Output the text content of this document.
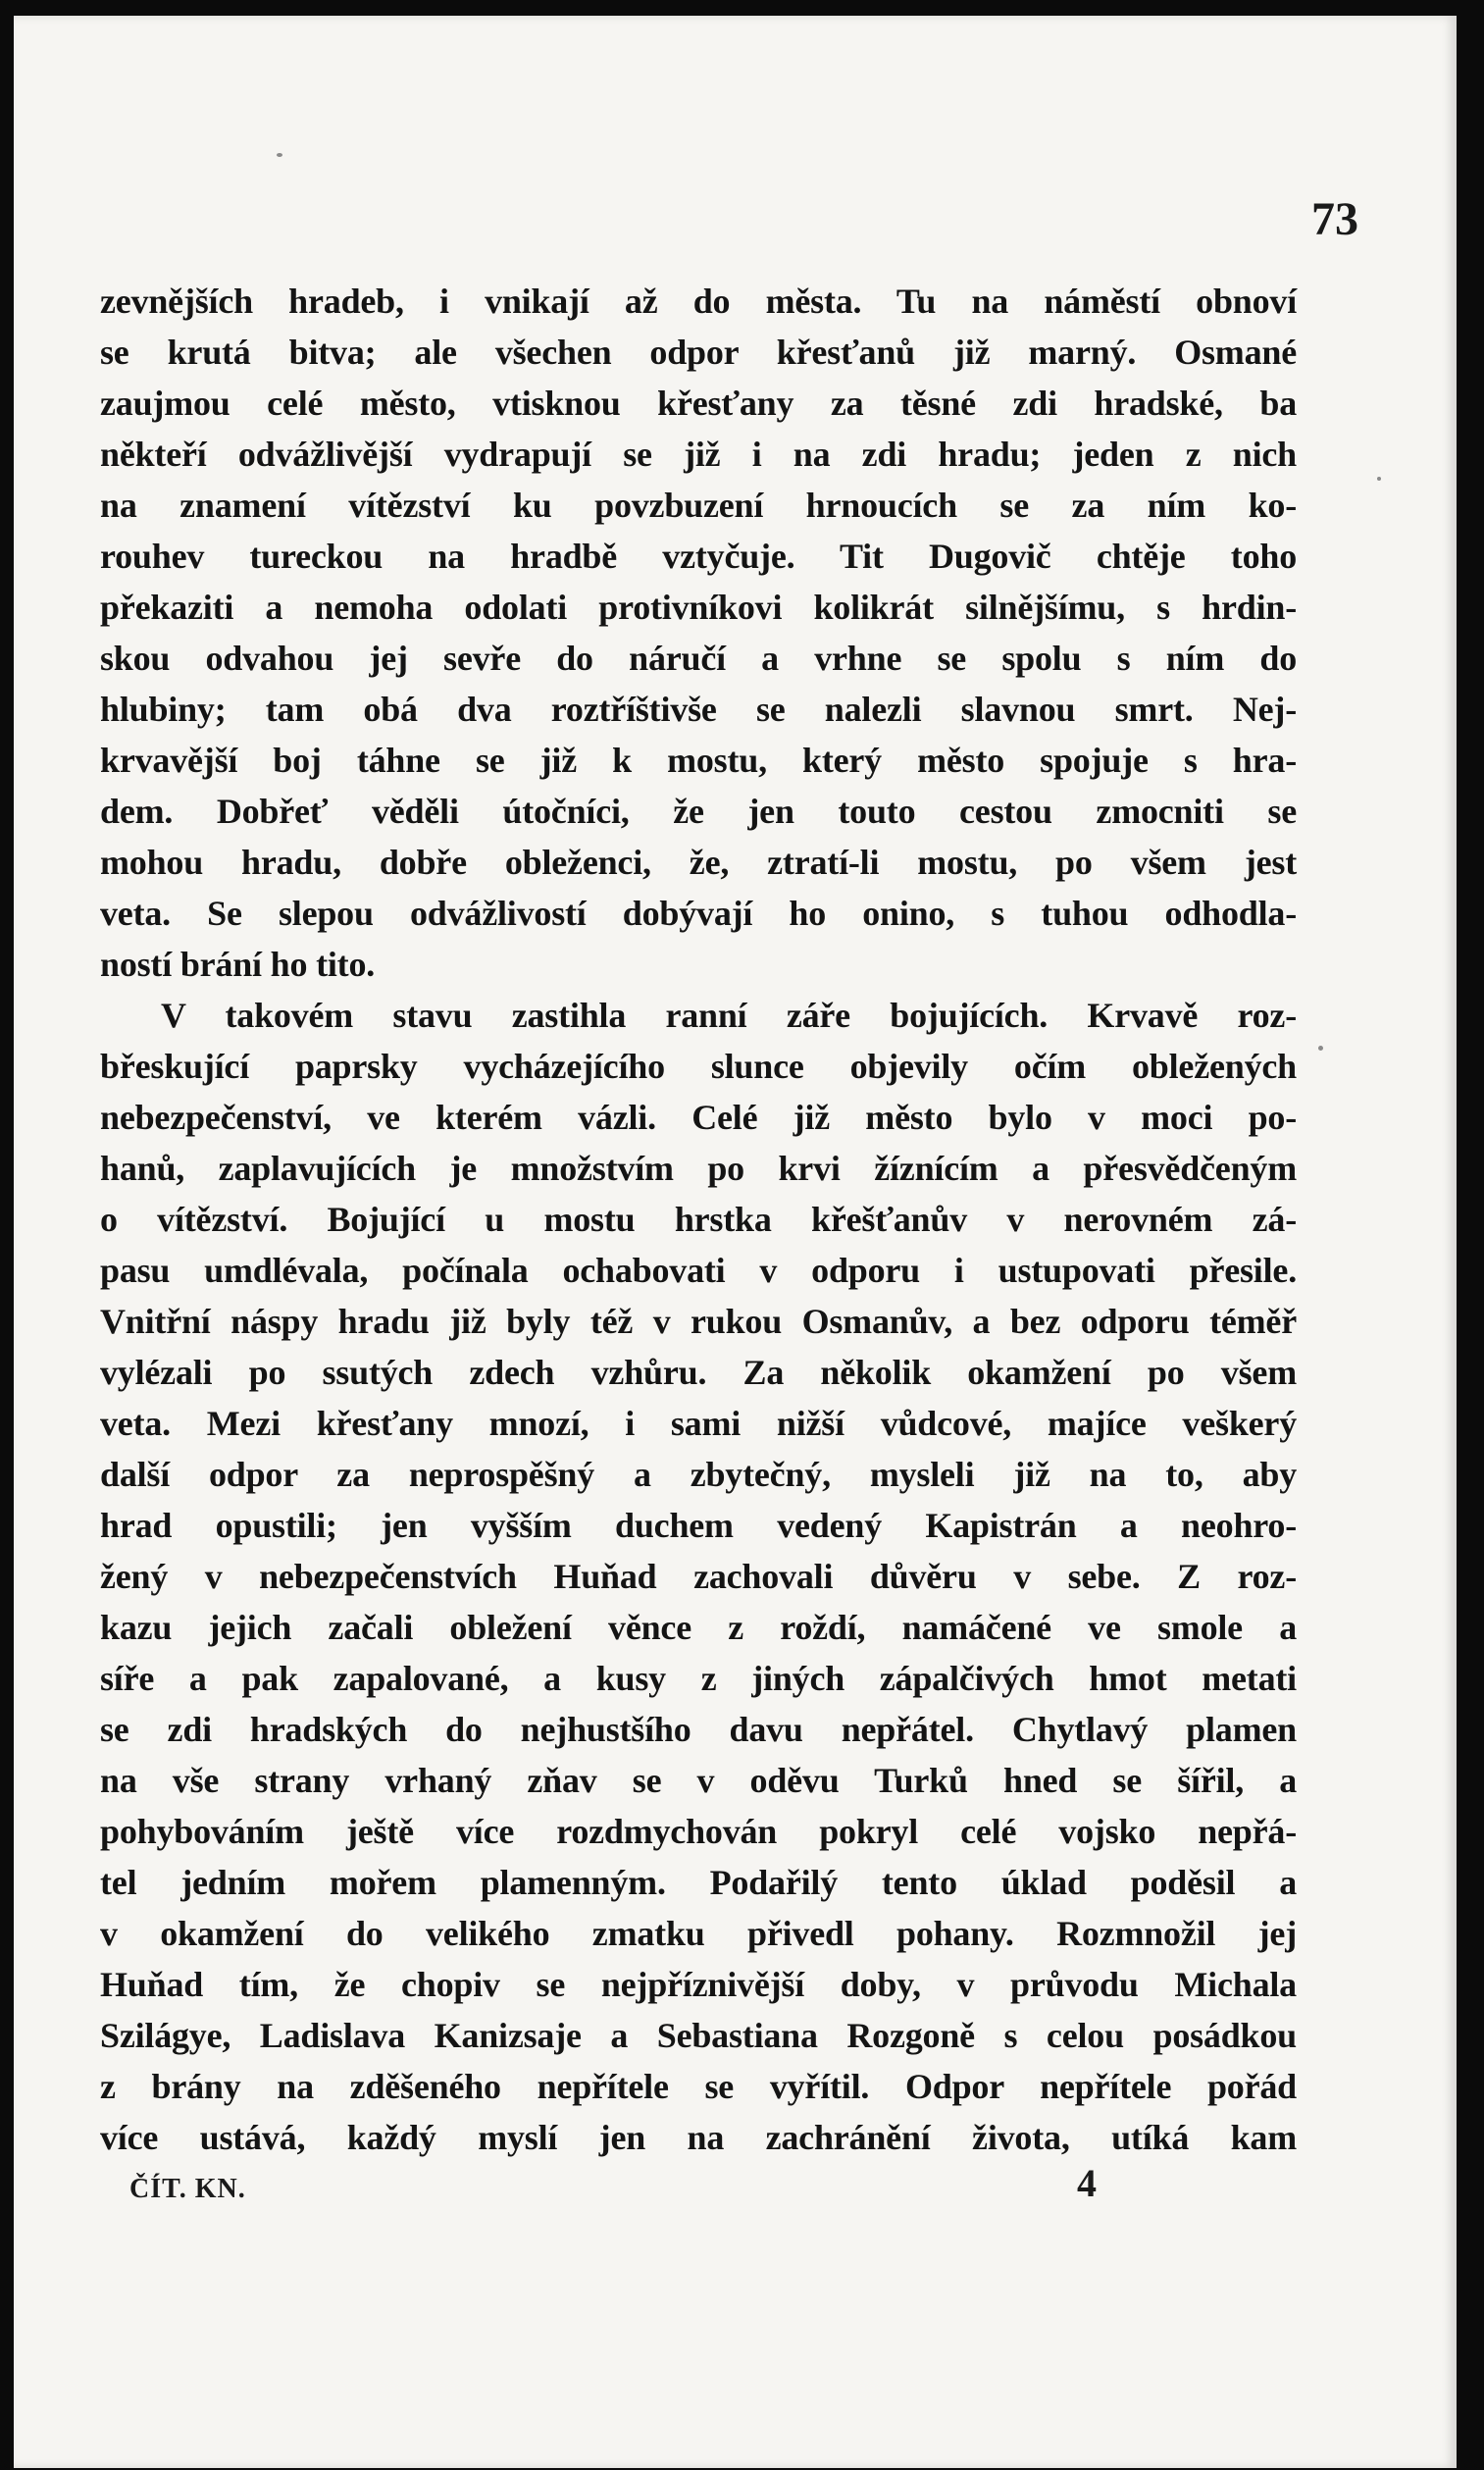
73
zevnějších hradeb, i vnikají až do města. Tu na náměstí obnoví
se krutá bitva; ale všechen odpor křesťanů již marný. Osmané
zaujmou celé město, vtisknou křesťany za těsné zdi hradské, ba
někteří odvážlivější vydrapují se již i na zdi hradu; jeden z nich
na znamení vítězství ku povzbuzení hrnoucích se za ním ko-
rouhev tureckou na hradbě vztyčuje. Tit Dugovič chtěje toho
překaziti a nemoha odolati protivníkovi kolikrát silnějšímu, s hrdin-
skou odvahou jej sevře do náručí a vrhne se spolu s ním do
hlubiny; tam obá dva roztříštivše se nalezli slavnou smrt. Nej-
krvavější boj táhne se již k mostu, který město spojuje s hra-
dem. Dobřeť věděli útočníci, že jen touto cestou zmocniti se
mohou hradu, dobře obleženci, že, ztratí-li mostu, po všem jest
veta. Se slepou odvážlivostí dobývají ho onino, s tuhou odhodla-
ností brání ho tito.
V takovém stavu zastihla ranní záře bojujících. Krvavě roz-
břeskující paprsky vycházejícího slunce objevily očím obležených
nebezpečenství, ve kterém vázli. Celé již město bylo v moci po-
hanů, zaplavujících je množstvím po krvi žíznícím a přesvědčeným
o vítězství. Bojující u mostu hrstka křešťanův v nerovném zá-
pasu umdlévala, počínala ochabovati v odporu i ustupovati přesile.
Vnitřní náspy hradu již byly též v rukou Osmanův, a bez odporu téměř
vylézali po ssutých zdech vzhůru. Za několik okamžení po všem
veta. Mezi křesťany mnozí, i sami nižší vůdcové, majíce veškerý
další odpor za neprospěšný a zbytečný, mysleli již na to, aby
hrad opustili; jen vyšším duchem vedený Kapistrán a neohro-
žený v nebezpečenstvích Huňad zachovali důvěru v sebe. Z roz-
kazu jejich začali obležení věnce z roždí, namáčené ve smole a
síře a pak zapalované, a kusy z jiných zápalčivých hmot metati
se zdi hradských do nejhustšího davu nepřátel. Chytlavý plamen
na vše strany vrhaný zňav se v oděvu Turků hned se šířil, a
pohybováním ještě více rozdmychován pokryl celé vojsko nepřá-
tel jedním mořem plamenným. Podařilý tento úklad poděsil a
v okamžení do velikého zmatku přivedl pohany. Rozmnožil jej
Huňad tím, že chopiv se nejpříznivější doby, v průvodu Michala
Szilágye, Ladislava Kanizsaje a Sebastiana Rozgoně s celou posádkou
z brány na zděšeného nepřítele se vyřítil. Odpor nepřítele pořád
více ustává, každý myslí jen na zachránění života, utíká kam
ČÍT. KN.	4
